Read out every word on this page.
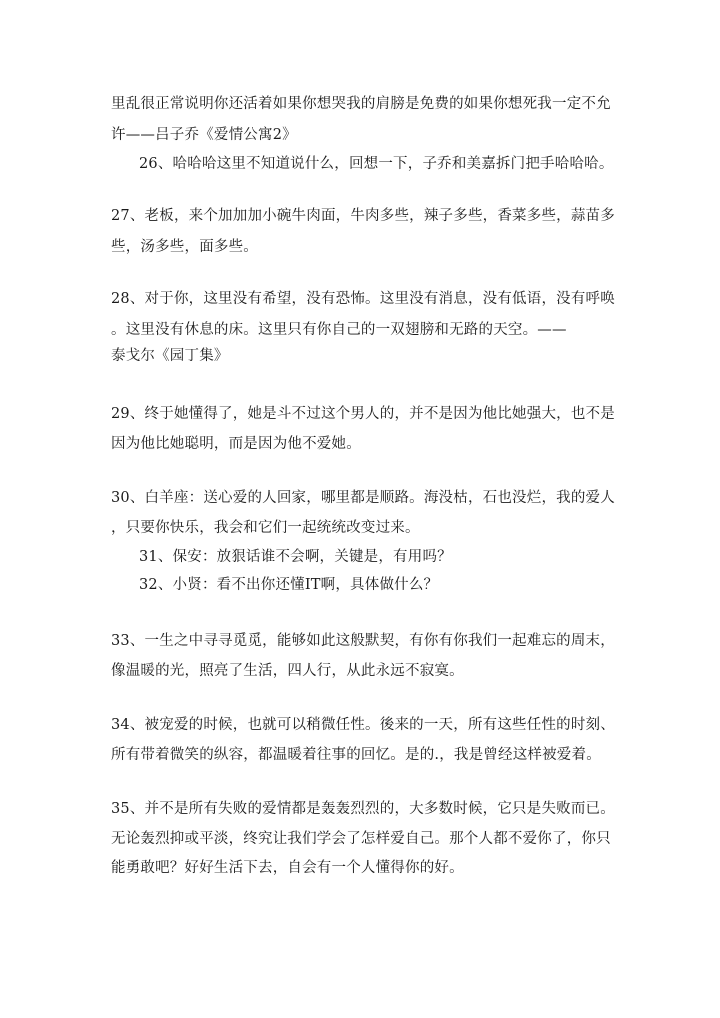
里乱很正常说明你还活着如果你想哭我的肩膀是免费的如果你想死我一定不允
许——吕子乔《爱情公寓2》
26、哈哈哈这里不知道说什么，回想一下，子乔和美嘉拆门把手哈哈哈。
27、老板，来个加加加小碗牛肉面，牛肉多些，辣子多些，香菜多些，蒜苗多
些，汤多些，面多些。
28、对于你，这里没有希望，没有恐怖。这里没有消息，没有低语，没有呼唤
。这里没有休息的床。这里只有你自己的一双翅膀和无路的天空。——
泰戈尔《园丁集》
29、终于她懂得了，她是斗不过这个男人的，并不是因为他比她强大，也不是
因为他比她聪明，而是因为他不爱她。
30、白羊座：送心爱的人回家，哪里都是顺路。海没枯，石也没烂，我的爱人
，只要你快乐，我会和它们一起统统改变过来。
31、保安：放狠话谁不会啊，关键是，有用吗？
32、小贤：看不出你还懂IT啊，具体做什么？
33、一生之中寻寻觅觅，能够如此这般默契，有你有你我们一起难忘的周末，
像温暖的光，照亮了生活，四人行，从此永远不寂寞。
34、被宠爱的时候，也就可以稍微任性。後来的一天，所有这些任性的时刻、
所有带着微笑的纵容，都温暖着往事的回忆。是的.，我是曾经这样被爱着。
35、并不是所有失败的爱情都是轰轰烈烈的，大多数时候，它只是失败而已。
无论轰烈抑或平淡，终究让我们学会了怎样爱自己。那个人都不爱你了，你只
能勇敢吧？好好生活下去，自会有一个人懂得你的好。
